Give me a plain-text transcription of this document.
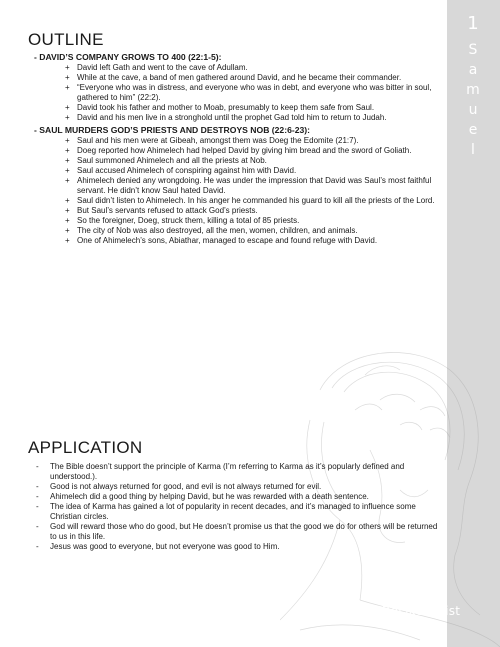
1
S
a
m
u
e
l
OUTLINE
- DAVID’S COMPANY GROWS TO 400 (22:1-5):
+ David left Gath and went to the cave of Adullam.
+ While at the cave, a band of men gathered around David, and he became their commander.
+ “Everyone who was in distress, and everyone who was in debt, and everyone who was bitter in soul, gathered to him” (22:2).
+ David took his father and mother to Moab, presumably to keep them safe from Saul.
+ David and his men live in a stronghold until the prophet Gad told him to return to Judah.
- SAUL MURDERS GOD’S PRIESTS AND DESTROYS NOB (22:6-23):
+ Saul and his men were at Gibeah, amongst them was Doeg the Edomite (21:7).
+ Doeg reported how Ahimelech had helped David by giving him bread and the sword of Goliath.
+ Saul summoned Ahimelech and all the priests at Nob.
+ Saul accused Ahimelech of conspiring against him with David.
+ Ahimelech denied any wrongdoing. He was under the impression that David was Saul’s most faithful servant. He didn’t know Saul hated David.
+ Saul didn’t listen to Ahimelech. In his anger he commanded his guard to kill all the priests of the Lord.
+ But Saul’s servants refused to attack God’s priests.
+ So the foreigner, Doeg, struck them, killing a total of 85 priests.
+ The city of Nob was also destroyed, all the men, women, children, and animals.
+ One of Ahimelech’s sons, Abiathar, managed to escape and found refuge with David.
APPLICATION
- The Bible doesn’t support the principle of Karma (I’m referring to Karma as it’s popularly defined and understood.).
- Good is not always returned for good, and evil is not always returned for evil.
- Ahimelech did a good thing by helping David, but he was rewarded with a death sentence.
- The idea of Karma has gained a lot of popularity in recent decades, and it’s managed to influence some Christian circles.
- God will reward those who do good, but He doesn’t promise us that the good we do for others will be returned to us in this life.
- Jesus was good to everyone, but not everyone was good to Him.
2BeLikeChrist
